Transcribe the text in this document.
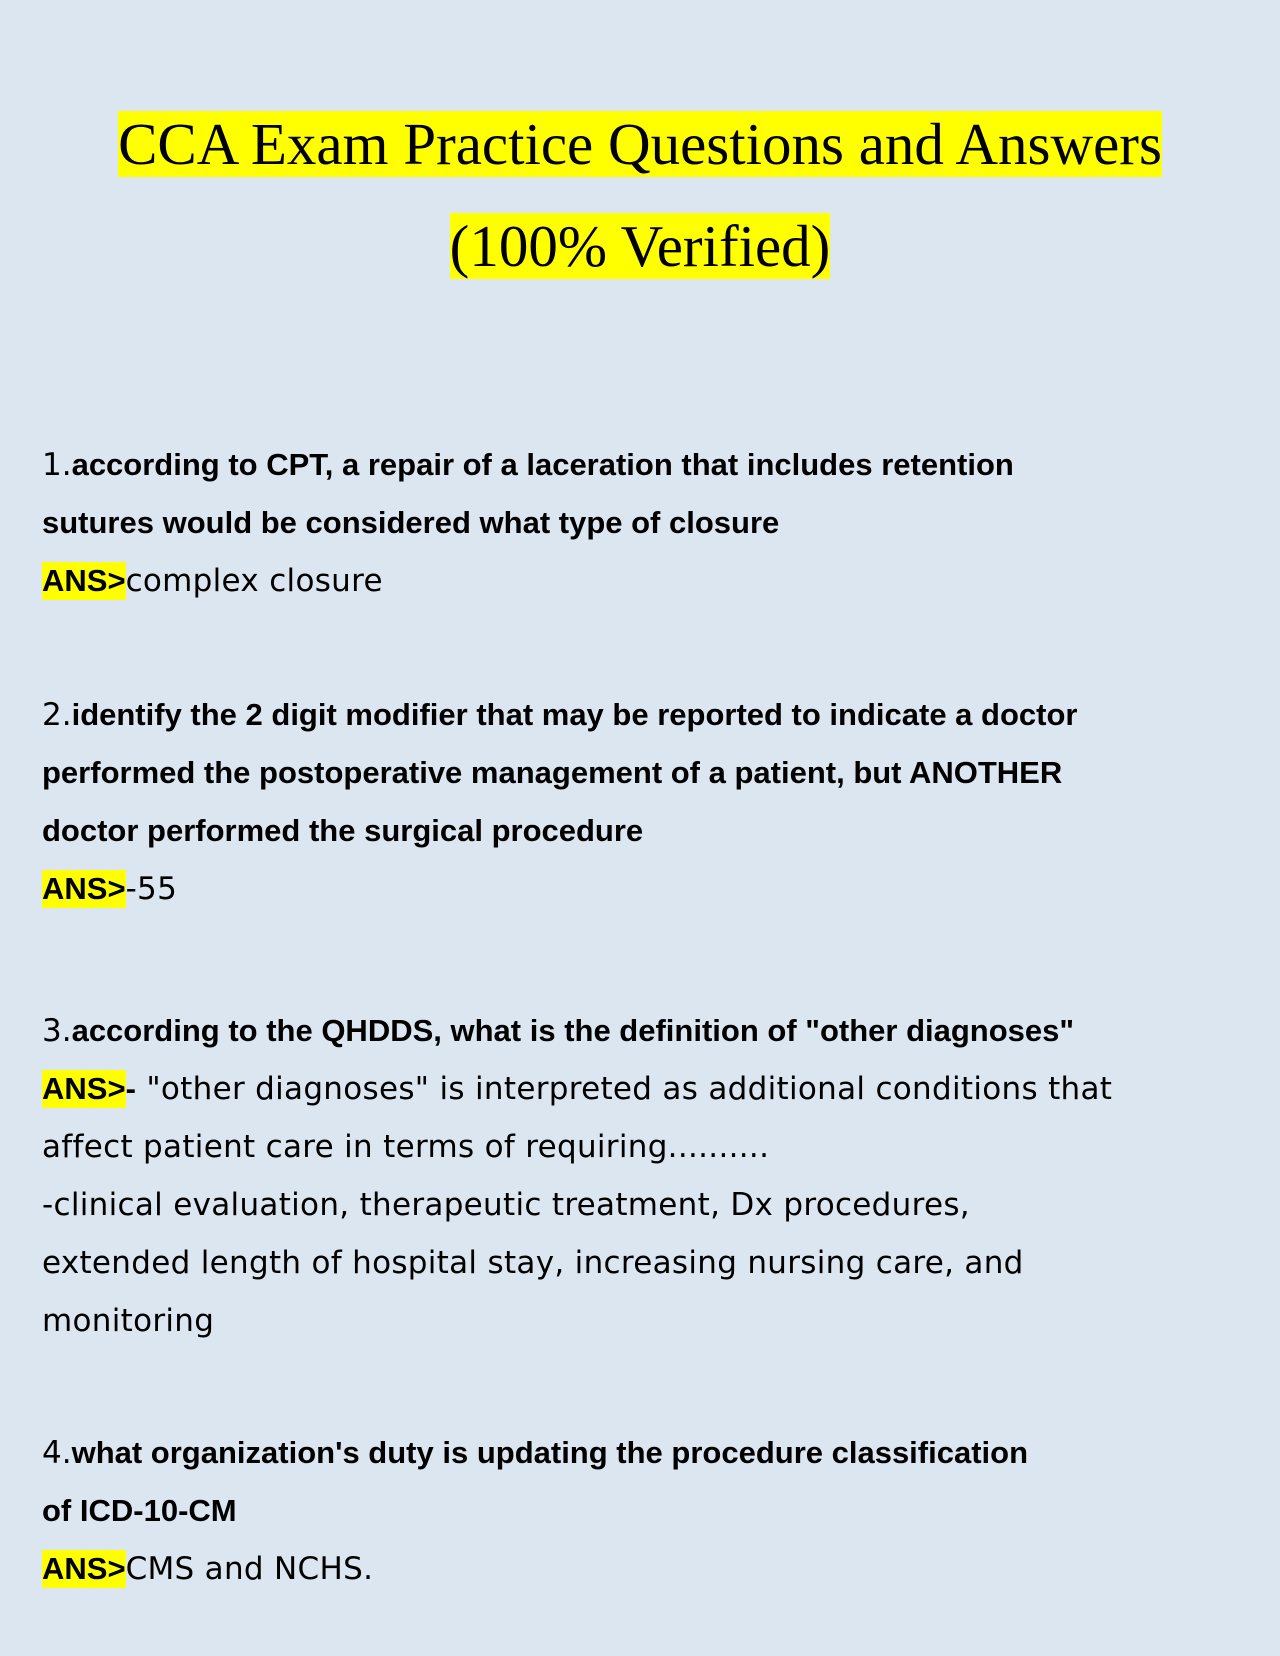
CCA Exam Practice Questions and Answers
(100% Verified)
1.according to CPT, a repair of a laceration that includes retention
sutures would be considered what type of closure
ANS>complex closure
2.identify the 2 digit modifier that may be reported to indicate a doctor
performed the postoperative management of a patient, but ANOTHER
doctor performed the surgical procedure
ANS>-55
3.according to the QHDDS, what is the definition of "other diagnoses"
ANS>- "other diagnoses" is interpreted as additional conditions that
affect patient care in terms of requiring..........
-clinical evaluation, therapeutic treatment, Dx procedures,
extended length of hospital stay, increasing nursing care, and
monitoring
4.what organization's duty is updating the procedure classification
of ICD-10-CM
ANS>CMS and NCHS.
